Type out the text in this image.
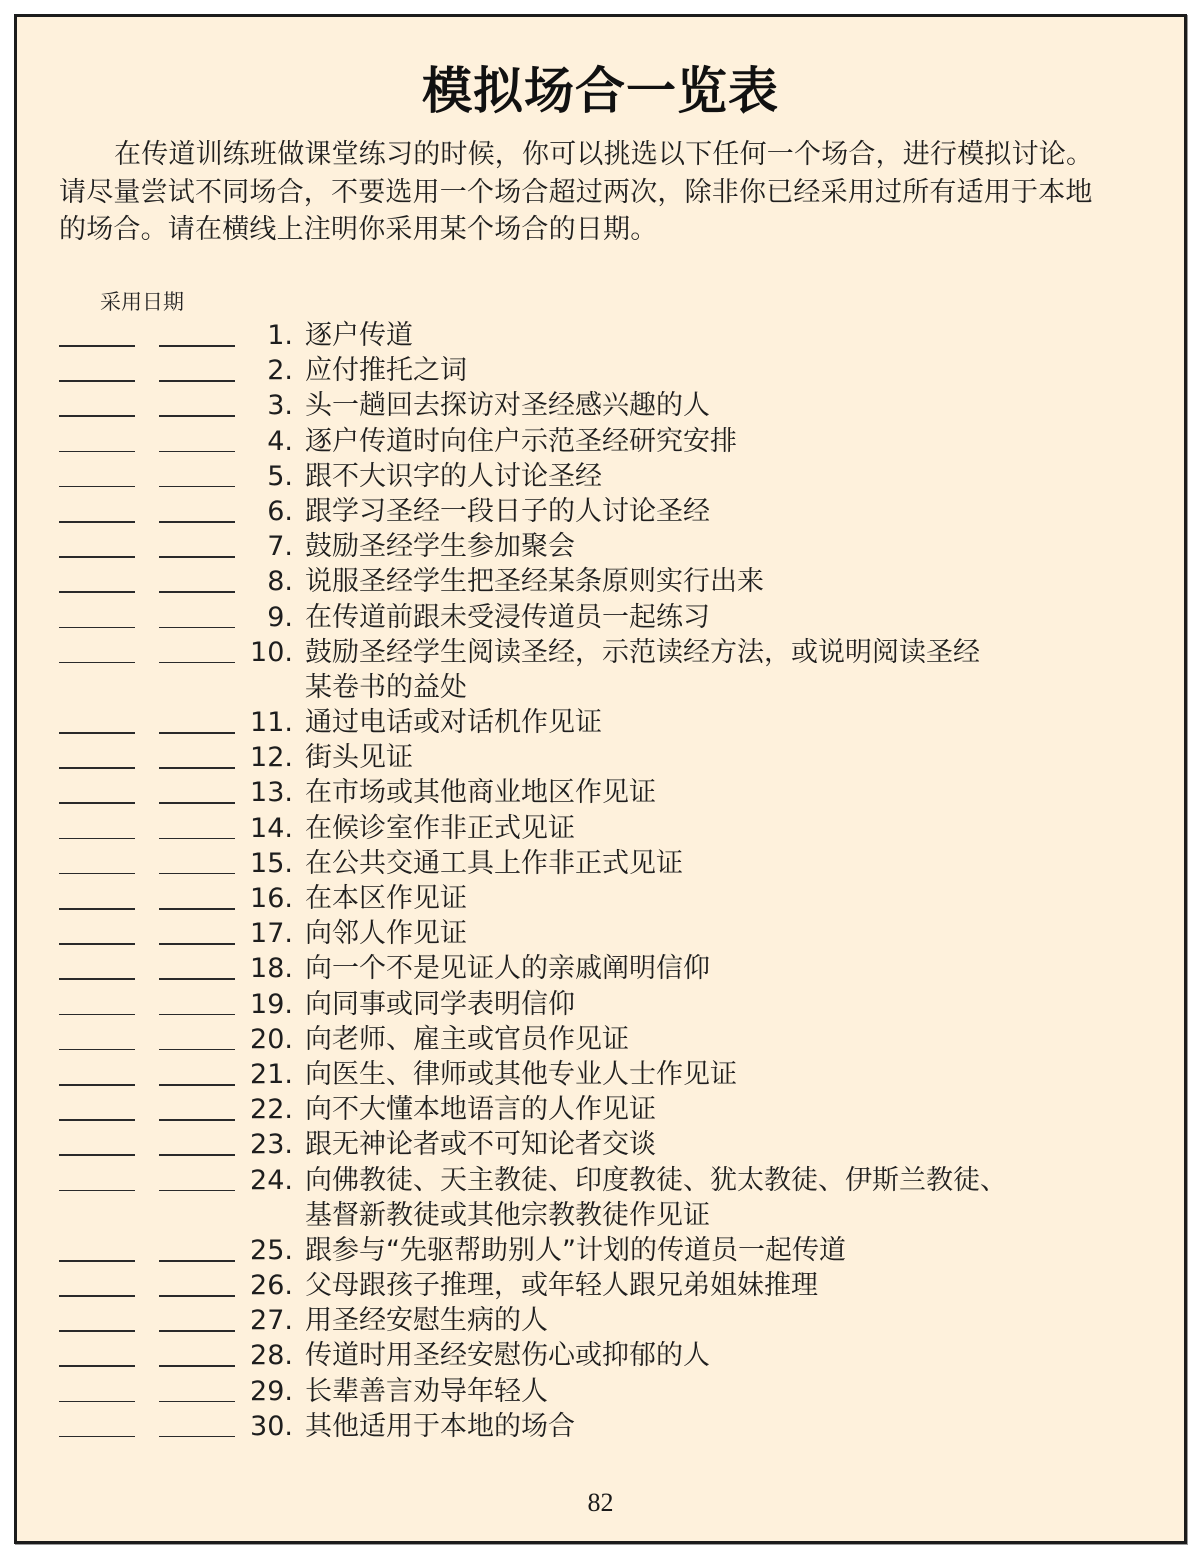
模拟场合一览表

在传道训练班做课堂练习的时候，你可以挑选以下任何一个场合，进行模拟讨论。
请尽量尝试不同场合，不要选用一个场合超过两次，除非你已经采用过所有适用于本地
的场合。请在横线上注明你采用某个场合的日期。

采用日期
1. 逐户传道
2. 应付推托之词
3. 头一趟回去探访对圣经感兴趣的人
4. 逐户传道时向住户示范圣经研究安排
5. 跟不大识字的人讨论圣经
6. 跟学习圣经一段日子的人讨论圣经
7. 鼓励圣经学生参加聚会
8. 说服圣经学生把圣经某条原则实行出来
9. 在传道前跟未受浸传道员一起练习
10. 鼓励圣经学生阅读圣经，示范读经方法，或说明阅读圣经
某卷书的益处
11. 通过电话或对话机作见证
12. 街头见证
13. 在市场或其他商业地区作见证
14. 在候诊室作非正式见证
15. 在公共交通工具上作非正式见证
16. 在本区作见证
17. 向邻人作见证
18. 向一个不是见证人的亲戚阐明信仰
19. 向同事或同学表明信仰
20. 向老师、雇主或官员作见证
21. 向医生、律师或其他专业人士作见证
22. 向不大懂本地语言的人作见证
23. 跟无神论者或不可知论者交谈
24. 向佛教徒、天主教徒、印度教徒、犹太教徒、伊斯兰教徒、
基督新教徒或其他宗教教徒作见证
25. 跟参与“先驱帮助别人”计划的传道员一起传道
26. 父母跟孩子推理，或年轻人跟兄弟姐妹推理
27. 用圣经安慰生病的人
28. 传道时用圣经安慰伤心或抑郁的人
29. 长辈善言劝导年轻人
30. 其他适用于本地的场合
82
